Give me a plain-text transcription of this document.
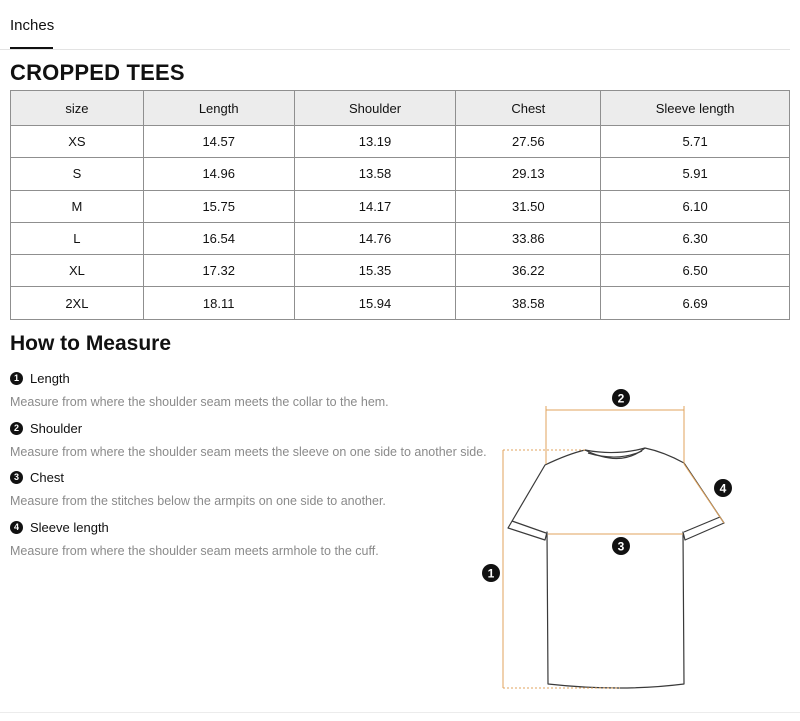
Inches
CROPPED TEES
size	Length	Shoulder	Chest	Sleeve length
XS	14.57	13.19	27.56	5.71
S	14.96	13.58	29.13	5.91
M	15.75	14.17	31.50	6.10
L	16.54	14.76	33.86	6.30
XL	17.32	15.35	36.22	6.50
2XL	18.11	15.94	38.58	6.69
How to Measure
1 Length
Measure from where the shoulder seam meets the collar to the hem.
2 Shoulder
Measure from where the shoulder seam meets the sleeve on one side to another side.
3 Chest
Measure from the stitches below the armpits on one side to another.
4 Sleeve length
Measure from where the shoulder seam meets armhole to the cuff.
1
2
3
4
